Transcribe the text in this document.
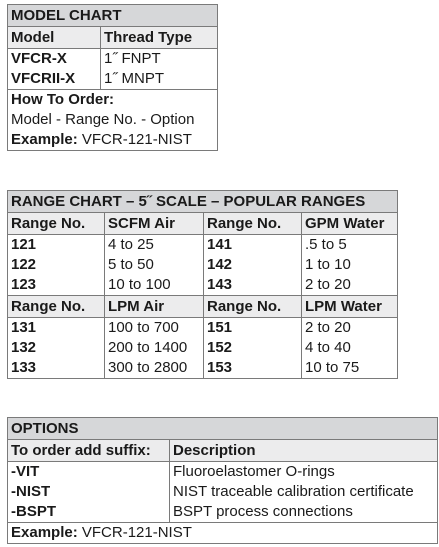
MODEL CHART	
Model	Thread Type
VFCR-X	1˝ FNPT
VFCRII-X	1˝ MNPT
How To Order:	
Model - Range No. - Option	
Example: VFCR-121-NIST	
RANGE CHART – 5˝ SCALE – POPULAR RANGES			
Range No.	SCFM Air	Range No.	GPM Water
121	4 to 25	141	.5 to 5
122	5 to 50	142	1 to 10
123	10 to 100	143	2 to 20
Range No.	LPM Air	Range No.	LPM Water
131	100 to 700	151	2 to 20
132	200 to 1400	152	4 to 40
133	300 to 2800	153	10 to 75
OPTIONS	
To order add suffix:	Description
-VIT	Fluoroelastomer O-rings
-NIST	NIST traceable calibration certificate
-BSPT	BSPT process connections
Example: VFCR-121-NIST	
